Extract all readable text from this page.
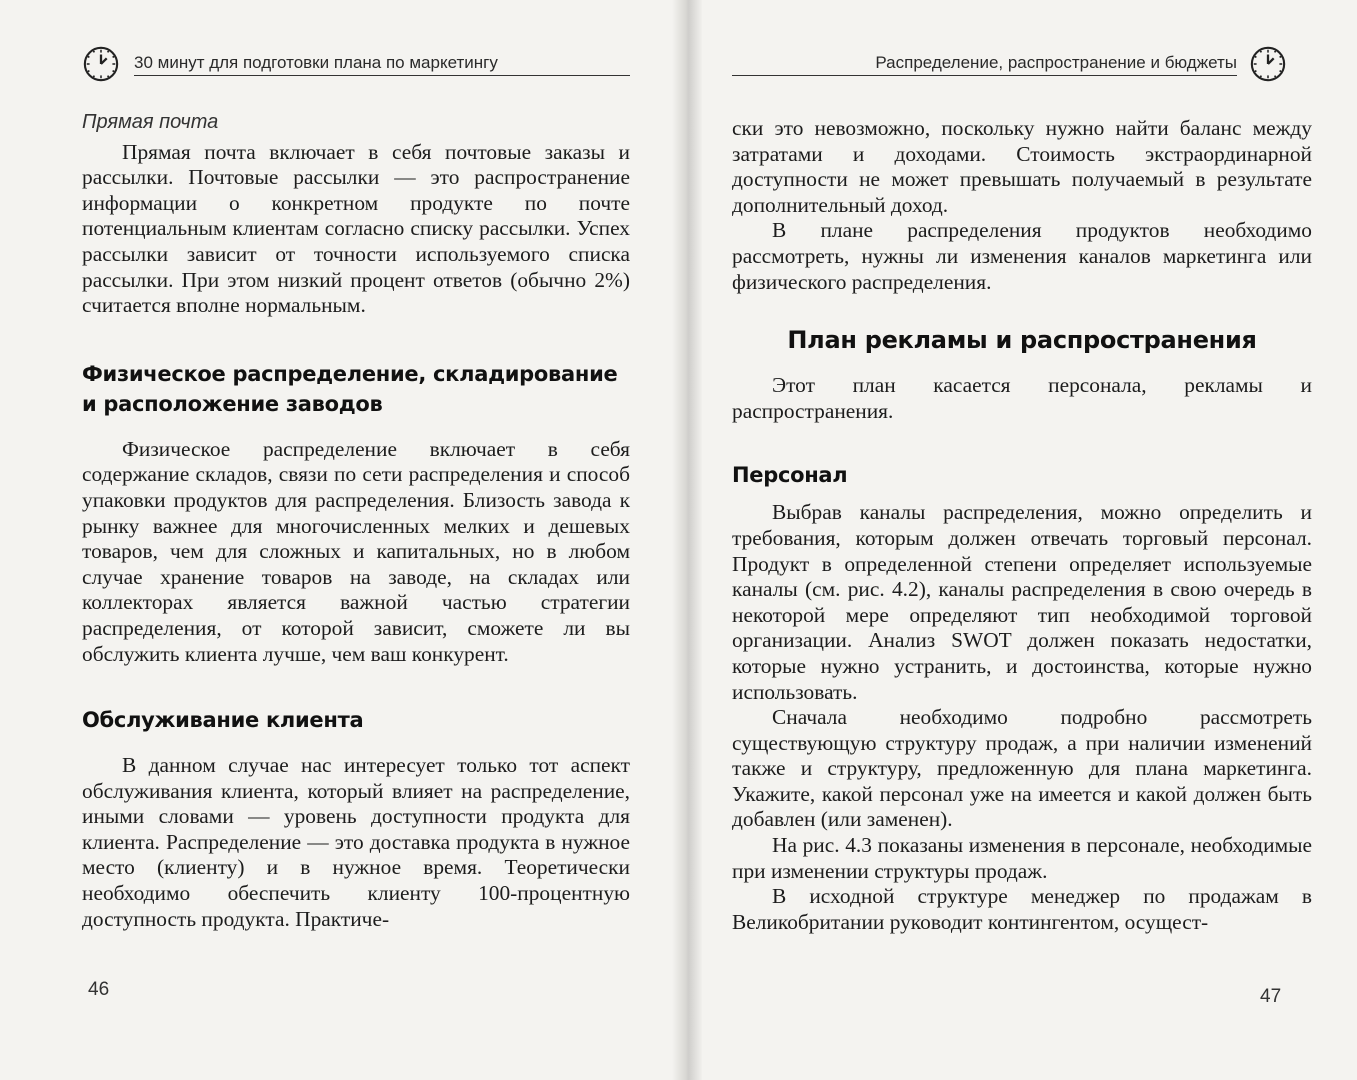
30 минут для подготовки плана по маркетингу
Прямая почта

Прямая почта включает в себя почтовые заказы и рассылки. Почтовые рассылки — это распространение информации о конкретном продукте по почте потенциальным клиентам согласно списку рассылки. Успех рассылки зависит от точности используемого списка рассылки. При этом низкий процент ответов (обычно 2%) считается вполне нормальным.

Физическое распределение, складирование и расположение заводов

Физическое распределение включает в себя содержание складов, связи по сети распределения и способ упаковки продуктов для распределения. Близость завода к рынку важнее для многочисленных мелких и дешевых товаров, чем для сложных и капитальных, но в любом случае хранение товаров на заводе, на складах или коллекторах является важной частью стратегии распределения, от которой зависит, сможете ли вы обслужить клиента лучше, чем ваш конкурент.

Обслуживание клиента

В данном случае нас интересует только тот аспект обслуживания клиента, который влияет на распределение, иными словами — уровень доступности продукта для клиента. Распределение — это доставка продукта в нужное место (клиенту) и в нужное время. Теоретически необходимо обеспечить клиенту 100-процентную доступность продукта. Практиче-

46
Распределение, распространение и бюджеты

ски это невозможно, поскольку нужно найти баланс между затратами и доходами. Стоимость экстраординарной доступности не может превышать получаемый в результате дополнительный доход.

В плане распределения продуктов необходимо рассмотреть, нужны ли изменения каналов маркетинга или физического распределения.

План рекламы и распространения

Этот план касается персонала, рекламы и распространения.

Персонал

Выбрав каналы распределения, можно определить и требования, которым должен отвечать торговый персонал. Продукт в определенной степени определяет используемые каналы (см. рис. 4.2), каналы распределения в свою очередь в некоторой мере определяют тип необходимой торговой организации. Анализ SWOT должен показать недостатки, которые нужно устранить, и достоинства, которые нужно использовать.

Сначала необходимо подробно рассмотреть существующую структуру продаж, а при наличии изменений также и структуру, предложенную для плана маркетинга. Укажите, какой персонал уже на имеется и какой должен быть добавлен (или заменен).

На рис. 4.3 показаны изменения в персонале, необходимые при изменении структуры продаж.

В исходной структуре менеджер по продажам в Великобритании руководит контингентом, осущест-

47
